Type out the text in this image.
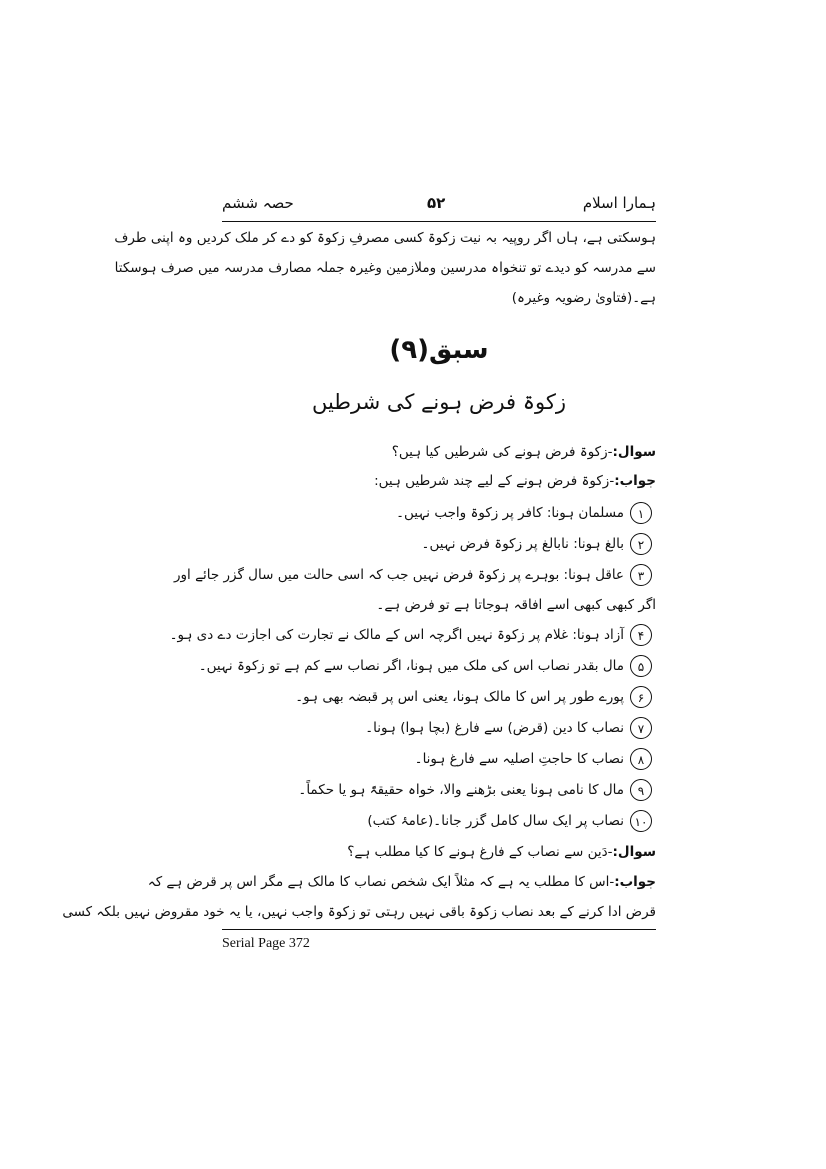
ہمارا اسلام
۵۲
حصہ ششم
ہوسکتی ہے، ہاں اگر روپیہ بہ نیت زکوۃ کسی مصرفِ زکوۃ کو دے کر ملک کردیں وہ اپنی طرف
سے مدرسہ کو دیدے تو تنخواہ مدرسین وملازمین وغیرہ جملہ مصارف مدرسہ میں صرف ہوسکتا
ہے۔(فتاویٰ رضویہ وغیرہ)
سبق(۹)
زکوۃ فرض ہونے کی شرطیں
سوال:-زکوۃ فرض ہونے کی شرطیں کیا ہیں؟
جواب:-زکوۃ فرض ہونے کے لیے چند شرطیں ہیں:
۱
مسلمان ہونا: کافر پر زکوۃ واجب نہیں۔
۲
بالغ ہونا: نابالغ پر زکوۃ فرض نہیں۔
۳
عاقل ہونا: بوہرے پر زکوۃ فرض نہیں جب کہ اسی حالت میں سال گزر جائے اور
اگر کبھی کبھی اسے افاقہ ہوجاتا ہے تو فرض ہے۔
۴
آزاد ہونا: غلام پر زکوۃ نہیں اگرچہ اس کے مالک نے تجارت کی اجازت دے دی ہو۔
۵
مال بقدر نصاب اس کی ملک میں ہونا، اگر نصاب سے کم ہے تو زکوۃ نہیں۔
۶
پورے طور پر اس کا مالک ہونا، یعنی اس پر قبضہ بھی ہو۔
۷
نصاب کا دین (قرض) سے فارغ (بچا ہوا) ہونا۔
۸
نصاب کا حاجتِ اصلیہ سے فارغ ہونا۔
۹
مال کا نامی ہونا یعنی بڑھنے والا، خواہ حقیقۃً ہو یا حکماً۔
۱۰
نصاب پر ایک سال کامل گزر جانا۔(عامۂ کتب)
سوال:-دَین سے نصاب کے فارغ ہونے کا کیا مطلب ہے؟
جواب:-اس کا مطلب یہ ہے کہ مثلاً ایک شخص نصاب کا مالک ہے مگر اس پر قرض ہے کہ
قرض ادا کرنے کے بعد نصاب زکوۃ باقی نہیں رہتی تو زکوۃ واجب نہیں، یا یہ خود مقروض نہیں بلکہ کسی
Serial Page 372
